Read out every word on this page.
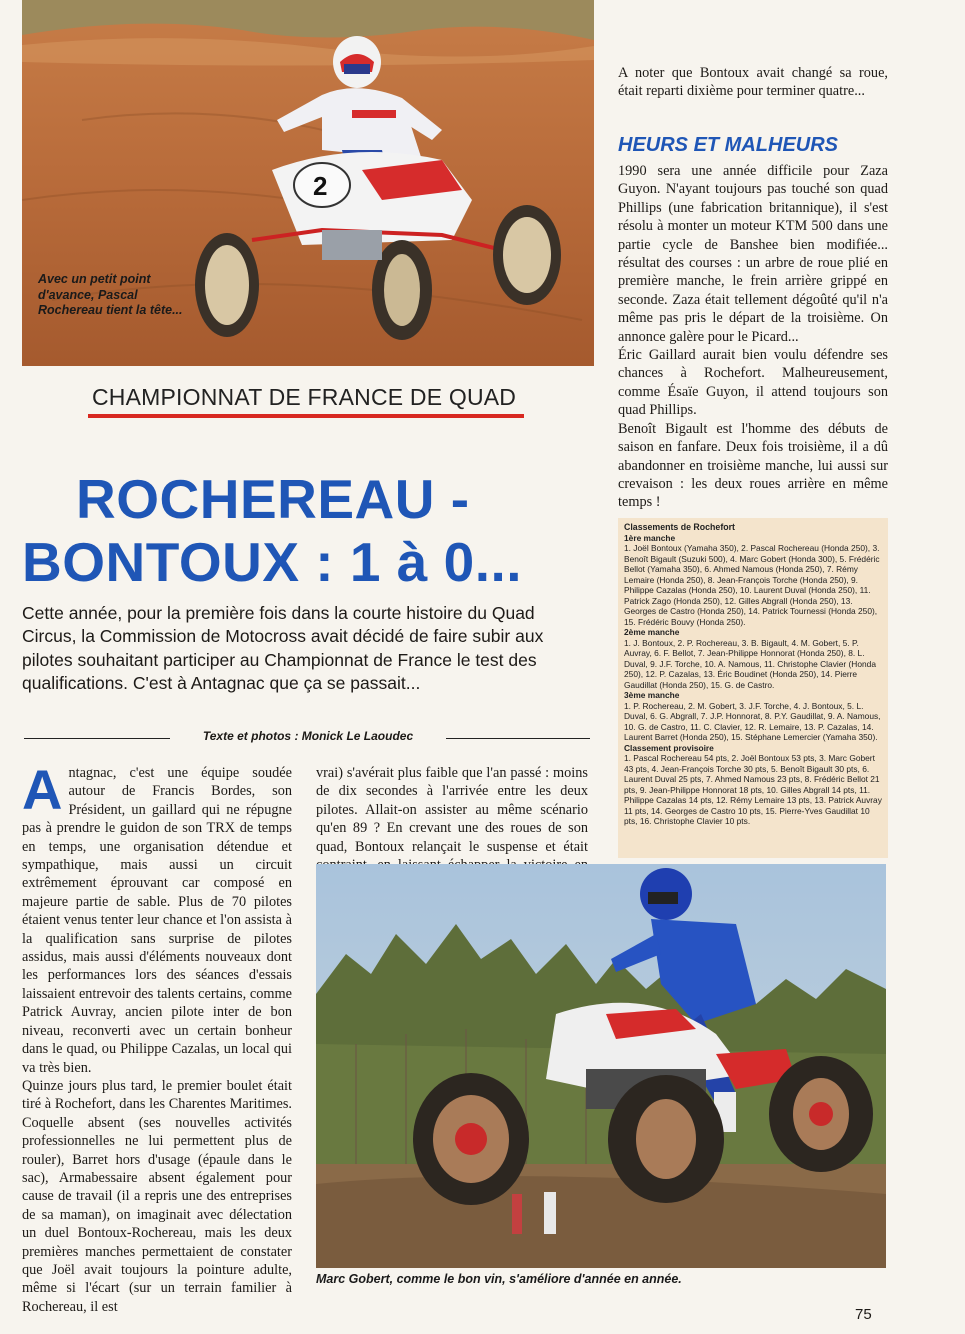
2
Avec un petit point d'avance, Pascal Rochereau tient la tête...
CHAMPIONNAT DE FRANCE DE QUAD
ROCHEREAU -
BONTOUX : 1 à 0...
Cette année, pour la première fois dans la courte histoire du Quad Circus, la Commission de Motocross avait décidé de faire subir aux pilotes souhaitant participer au Championnat de France le test des qualifications. C'est à Antagnac que ça se passait...
Texte et photos : Monick Le Laoudec

Antagnac, c'est une équipe soudée autour de Francis Bordes, son Président, un gaillard qui ne répugne pas à prendre le guidon de son TRX de temps en temps, une organisation détendue et sympathique, mais aussi un circuit extrêmement éprouvant car composé en majeure partie de sable. Plus de 70 pilotes étaient venus tenter leur chance et l'on assista à la qualification sans surprise de pilotes assidus, mais aussi d'éléments nouveaux dont les performances lors des séances d'essais laissaient entrevoir des talents certains, comme Patrick Auvray, ancien pilote inter de bon niveau, reconverti avec un certain bonheur dans le quad, ou Philippe Cazalas, un local qui va très bien.

Quinze jours plus tard, le premier boulet était tiré à Rochefort, dans les Charentes Maritimes. Coquelle absent (ses nouvelles activités professionnelles ne lui permettent plus de rouler), Barret hors d'usage (épaule dans le sac), Armabessaire absent également pour cause de travail (il a repris une des entreprises de sa maman), on imaginait avec délectation un duel Bontoux-Rochereau, mais les deux premières manches permettaient de constater que Joël avait toujours la pointure adulte, même si l'écart (sur un terrain familier à Rochereau, il est

vrai) s'avérait plus faible que l'an passé : moins de dix secondes à l'arrivée entre les deux pilotes. Allait-on assister au même scénario qu'en 89 ? En crevant une des roues de son quad, Bontoux relançait le suspense et était

A noter que Bontoux avait changé sa roue, était reparti dixième pour terminer quatre...

HEURS ET MALHEURS

1990 sera une année difficile pour Zaza Guyon. N'ayant toujours pas touché son quad Phillips (une fabrication britannique), il s'est résolu à monter un moteur KTM 500 dans une partie cycle de Banshee bien modifiée... résultat des courses : un arbre de roue plié en première manche, le frein arrière grippé en seconde. Zaza était tellement dégoûté qu'il n'a même pas pris le départ de la troisième. On annonce galère pour le Picard...

Éric Gaillard aurait bien voulu défendre ses chances à Rochefort. Malheureusement, comme Ésaïe Guyon, il attend toujours son quad Phillips.

Benoît Bigault est l'homme des débuts de saison en fanfare. Deux fois troisième, il a dû abandonner en troisième manche, lui aussi sur crevaison : les deux roues arrière en même temps !

Classements de Rochefort
1ère manche
1. Joël Bontoux (Yamaha 350), 2. Pascal Rochereau (Honda 250), 3. Benoît Bigault (Suzuki 500), 4. Marc Gobert (Honda 300), 5. Frédéric Bellot (Yamaha 350), 6. Ahmed Namous (Honda 250), 7. Rémy Lemaire (Honda 250), 8. Jean-François Torche (Honda 250), 9. Philippe Cazalas (Honda 250), 10. Laurent Duval (Honda 250), 11. Patrick Zago (Honda 250), 12. Gilles Abgrall (Honda 250), 13. Georges de Castro (Honda 250), 14. Patrick Tournessi (Honda 250), 15. Frédéric Bouvy (Honda 250).
2ème manche
1. J. Bontoux, 2. P. Rochereau, 3. B. Bigault, 4. M. Gobert, 5. P. Auvray, 6. F. Bellot, 7. Jean-Philippe Honnorat (Honda 250), 8. L. Duval, 9. J.F. Torche, 10. A. Namous, 11. Christophe Clavier (Honda 250), 12. P. Cazalas, 13. Éric Boudinet (Honda 250), 14. Pierre Gaudillat (Honda 250), 15. G. de Castro.
3ème manche
1. P. Rochereau, 2. M. Gobert, 3. J.F. Torche, 4. J. Bontoux, 5. L. Duval, 6. G. Abgrall, 7. J.P. Honnorat, 8. P.Y. Gaudillat, 9. A. Namous, 10. G. de Castro, 11. C. Clavier, 12. R. Lemaire, 13. P. Cazalas, 14. Laurent Barret (Honda 250), 15. Stéphane Lemercier (Yamaha 350).
Classement provisoire
1. Pascal Rochereau 54 pts, 2. Joël Bontoux 53 pts, 3. Marc Gobert 43 pts, 4. Jean-François Torche 30 pts, 5. Benoît Bigault 30 pts, 6. Laurent Duval 25 pts, 7. Ahmed Namous 23 pts, 8. Frédéric Bellot 21 pts, 9. Jean-Philippe Honnorat 18 pts, 10. Gilles Abgrall 14 pts, 11. Philippe Cazalas 14 pts, 12. Rémy Lemaire 13 pts, 13. Patrick Auvray 11 pts, 14. Georges de Castro 10 pts, 15. Pierre-Yves Gaudillat 10 pts, 16. Christophe Clavier 10 pts.
Marc Gobert, comme le bon vin, s'améliore d'année en année.
75
